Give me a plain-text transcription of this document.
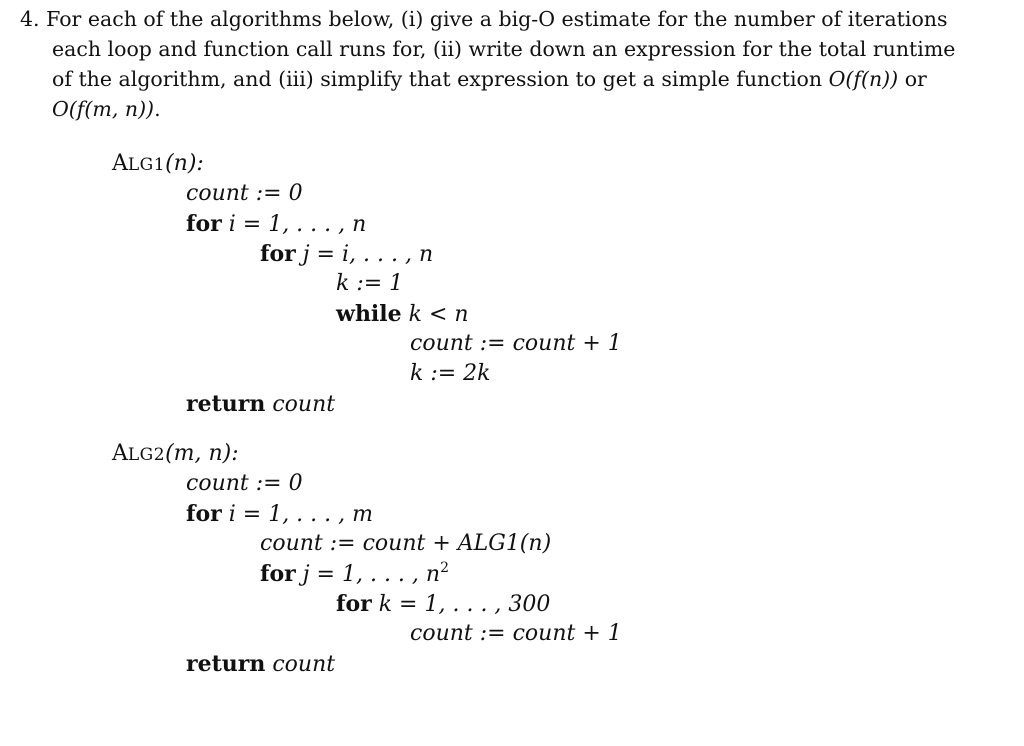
4. For each of the algorithms below, (i) give a big-O estimate for the number of iterations
each loop and function call runs for, (ii) write down an expression for the total runtime
of the algorithm, and (iii) simplify that expression to get a simple function O(f(n)) or
O(f(m, n)).
ALG1(n):
count := 0
for i = 1, . . . , n
for j = i, . . . , n
k := 1
while k < n
count := count + 1
k := 2k
return count
ALG2(m, n):
count := 0
for i = 1, . . . , m
count := count + ALG1(n)
for j = 1, . . . , $n^2$
for k = 1, . . . , 300
count := count + 1
return count
